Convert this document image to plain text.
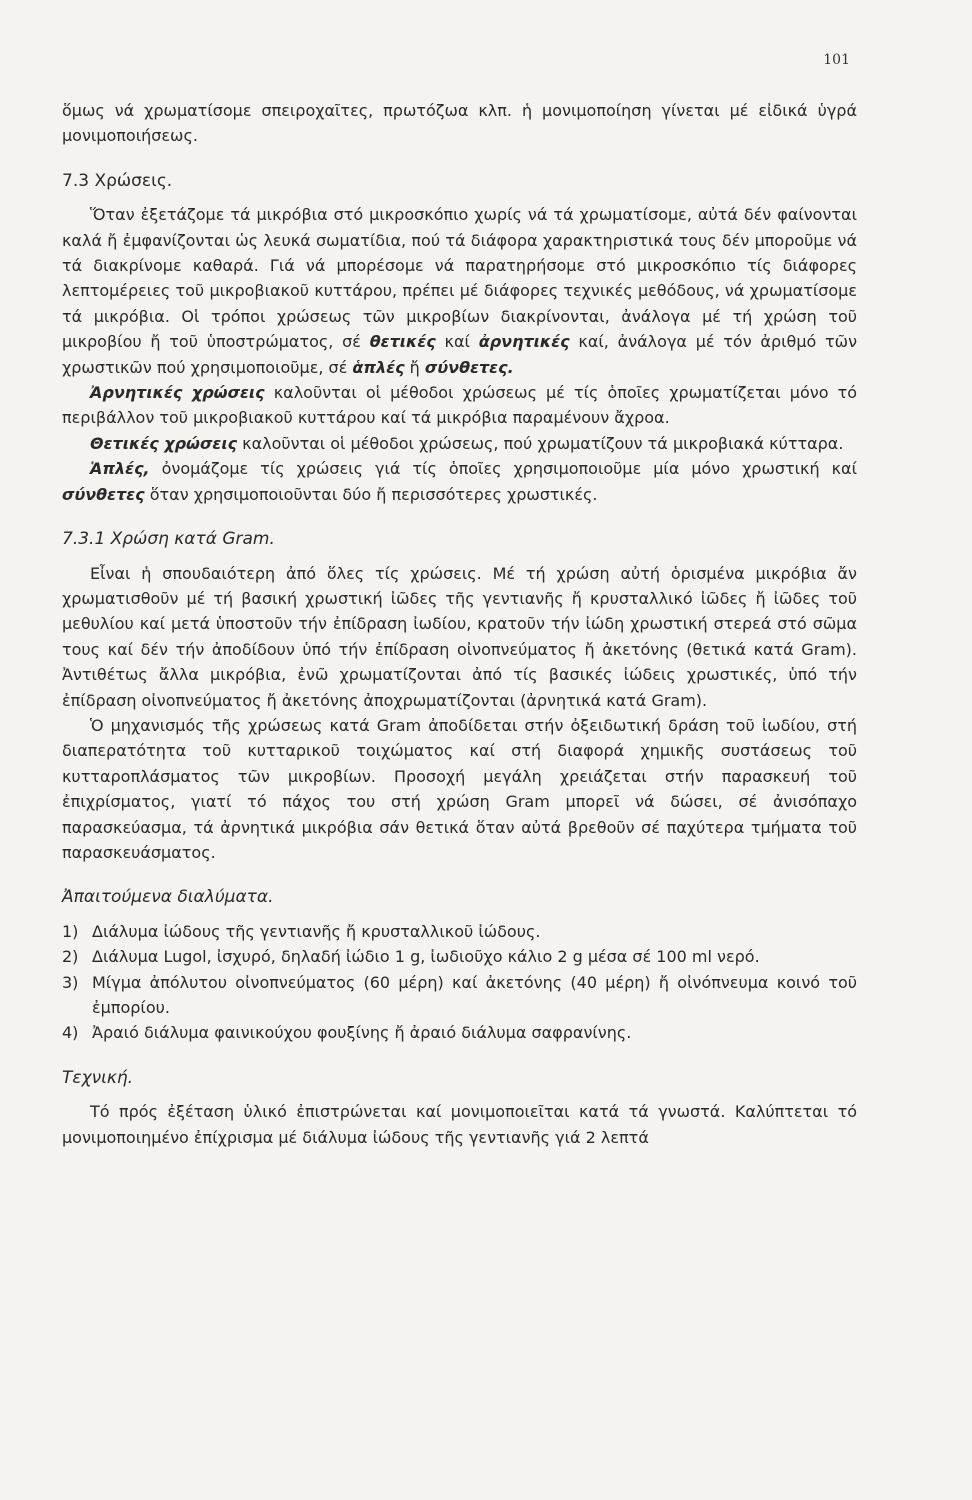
101

ὅμως νά χρωματίσομε σπειροχαῖτες, πρωτόζωα κλπ. ἡ μονιμοποίηση γίνεται μέ εἰδικά ὑγρά μονιμοποιήσεως.

7.3 Χρώσεις.

Ὅταν ἐξετάζομε τά μικρόβια στό μικροσκόπιο χωρίς νά τά χρωματίσομε, αὐτά δέν φαίνονται καλά ἤ ἐμφανίζονται ὡς λευκά σωματίδια, πού τά διάφορα χαρακτηριστικά τους δέν μποροῦμε νά τά διακρίνομε καθαρά. Γιά νά μπορέσομε νά παρατηρήσομε στό μικροσκόπιο τίς διάφορες λεπτομέρειες τοῦ μικροβιακοῦ κυττάρου, πρέπει μέ διάφορες τεχνικές μεθόδους, νά χρωματίσομε τά μικρόβια. Οἱ τρόποι χρώσεως τῶν μικροβίων διακρίνονται, ἀνάλογα μέ τή χρώση τοῦ μικροβίου ἤ τοῦ ὑποστρώματος, σέ θετικές καί ἀρνητικές καί, ἀνάλογα μέ τόν ἀριθμό τῶν χρωστικῶν πού χρησιμοποιοῦμε, σέ ἁπλές ἤ σύνθετες.

Ἀρνητικές χρώσεις καλοῦνται οἱ μέθοδοι χρώσεως μέ τίς ὁποῖες χρωματίζεται μόνο τό περιβάλλον τοῦ μικροβιακοῦ κυττάρου καί τά μικρόβια παραμένουν ἄχροα.

Θετικές χρώσεις καλοῦνται οἱ μέθοδοι χρώσεως, πού χρωματίζουν τά μικροβιακά κύτταρα.

Ἁπλές, ὀνομάζομε τίς χρώσεις γιά τίς ὁποῖες χρησιμοποιοῦμε μία μόνο χρωστική καί σύνθετες ὅταν χρησιμοποιοῦνται δύο ἤ περισσότερες χρωστικές.

7.3.1 Χρώση κατά Gram.

Εἶναι ἡ σπουδαιότερη ἀπό ὅλες τίς χρώσεις. Μέ τή χρώση αὐτή ὁρισμένα μικρόβια ἄν χρωματισθοῦν μέ τή βασική χρωστική ἰῶδες τῆς γεντιανῆς ἤ κρυσταλλικό ἰῶδες ἤ ἰῶδες τοῦ μεθυλίου καί μετά ὑποστοῦν τήν ἐπίδραση ἰωδίου, κρατοῦν τήν ἰώδη χρωστική στερεά στό σῶμα τους καί δέν τήν ἀποδίδουν ὑπό τήν ἐπίδραση οἰνοπνεύματος ἤ ἀκετόνης (θετικά κατά Gram). Ἀντιθέτως ἄλλα μικρόβια, ἐνῶ χρωματίζονται ἀπό τίς βασικές ἰώδεις χρωστικές, ὑπό τήν ἐπίδραση οἰνοπνεύματος ἤ ἀκετόνης ἀποχρωματίζονται (ἀρνητικά κατά Gram).

Ὁ μηχανισμός τῆς χρώσεως κατά Gram ἀποδίδεται στήν ὀξειδωτική δράση τοῦ ἰωδίου, στή διαπερατότητα τοῦ κυτταρικοῦ τοιχώματος καί στή διαφορά χημικῆς συστάσεως τοῦ κυτταροπλάσματος τῶν μικροβίων. Προσοχή μεγάλη χρειάζεται στήν παρασκευή τοῦ ἐπιχρίσματος, γιατί τό πάχος του στή χρώση Gram μπορεῖ νά δώσει, σέ ἀνισόπαχο παρασκεύασμα, τά ἀρνητικά μικρόβια σάν θετικά ὅταν αὐτά βρεθοῦν σέ παχύτερα τμήματα τοῦ παρασκευάσματος.

Ἀπαιτούμενα διαλύματα.
1) Διάλυμα ἰώδους τῆς γεντιανῆς ἤ κρυσταλλικοῦ ἰώδους.
2) Διάλυμα Lugol, ἰσχυρό, δηλαδή ἰώδιο 1 g, ἰωδιοῦχο κάλιο 2 g μέσα σέ 100 ml νερό.
3) Μίγμα ἀπόλυτου οἰνοπνεύματος (60 μέρη) καί ἀκετόνης (40 μέρη) ἤ οἰνόπνευμα κοινό τοῦ ἐμπορίου.
4) Ἀραιό διάλυμα φαινικούχου φουξίνης ἤ ἀραιό διάλυμα σαφρανίνης.
Τεχνική.

Τό πρός ἐξέταση ὑλικό ἐπιστρώνεται καί μονιμοποιεῖται κατά τά γνωστά. Καλύπτεται τό μονιμοποιημένο ἐπίχρισμα μέ διάλυμα ἰώδους τῆς γεντιανῆς γιά 2 λεπτά
